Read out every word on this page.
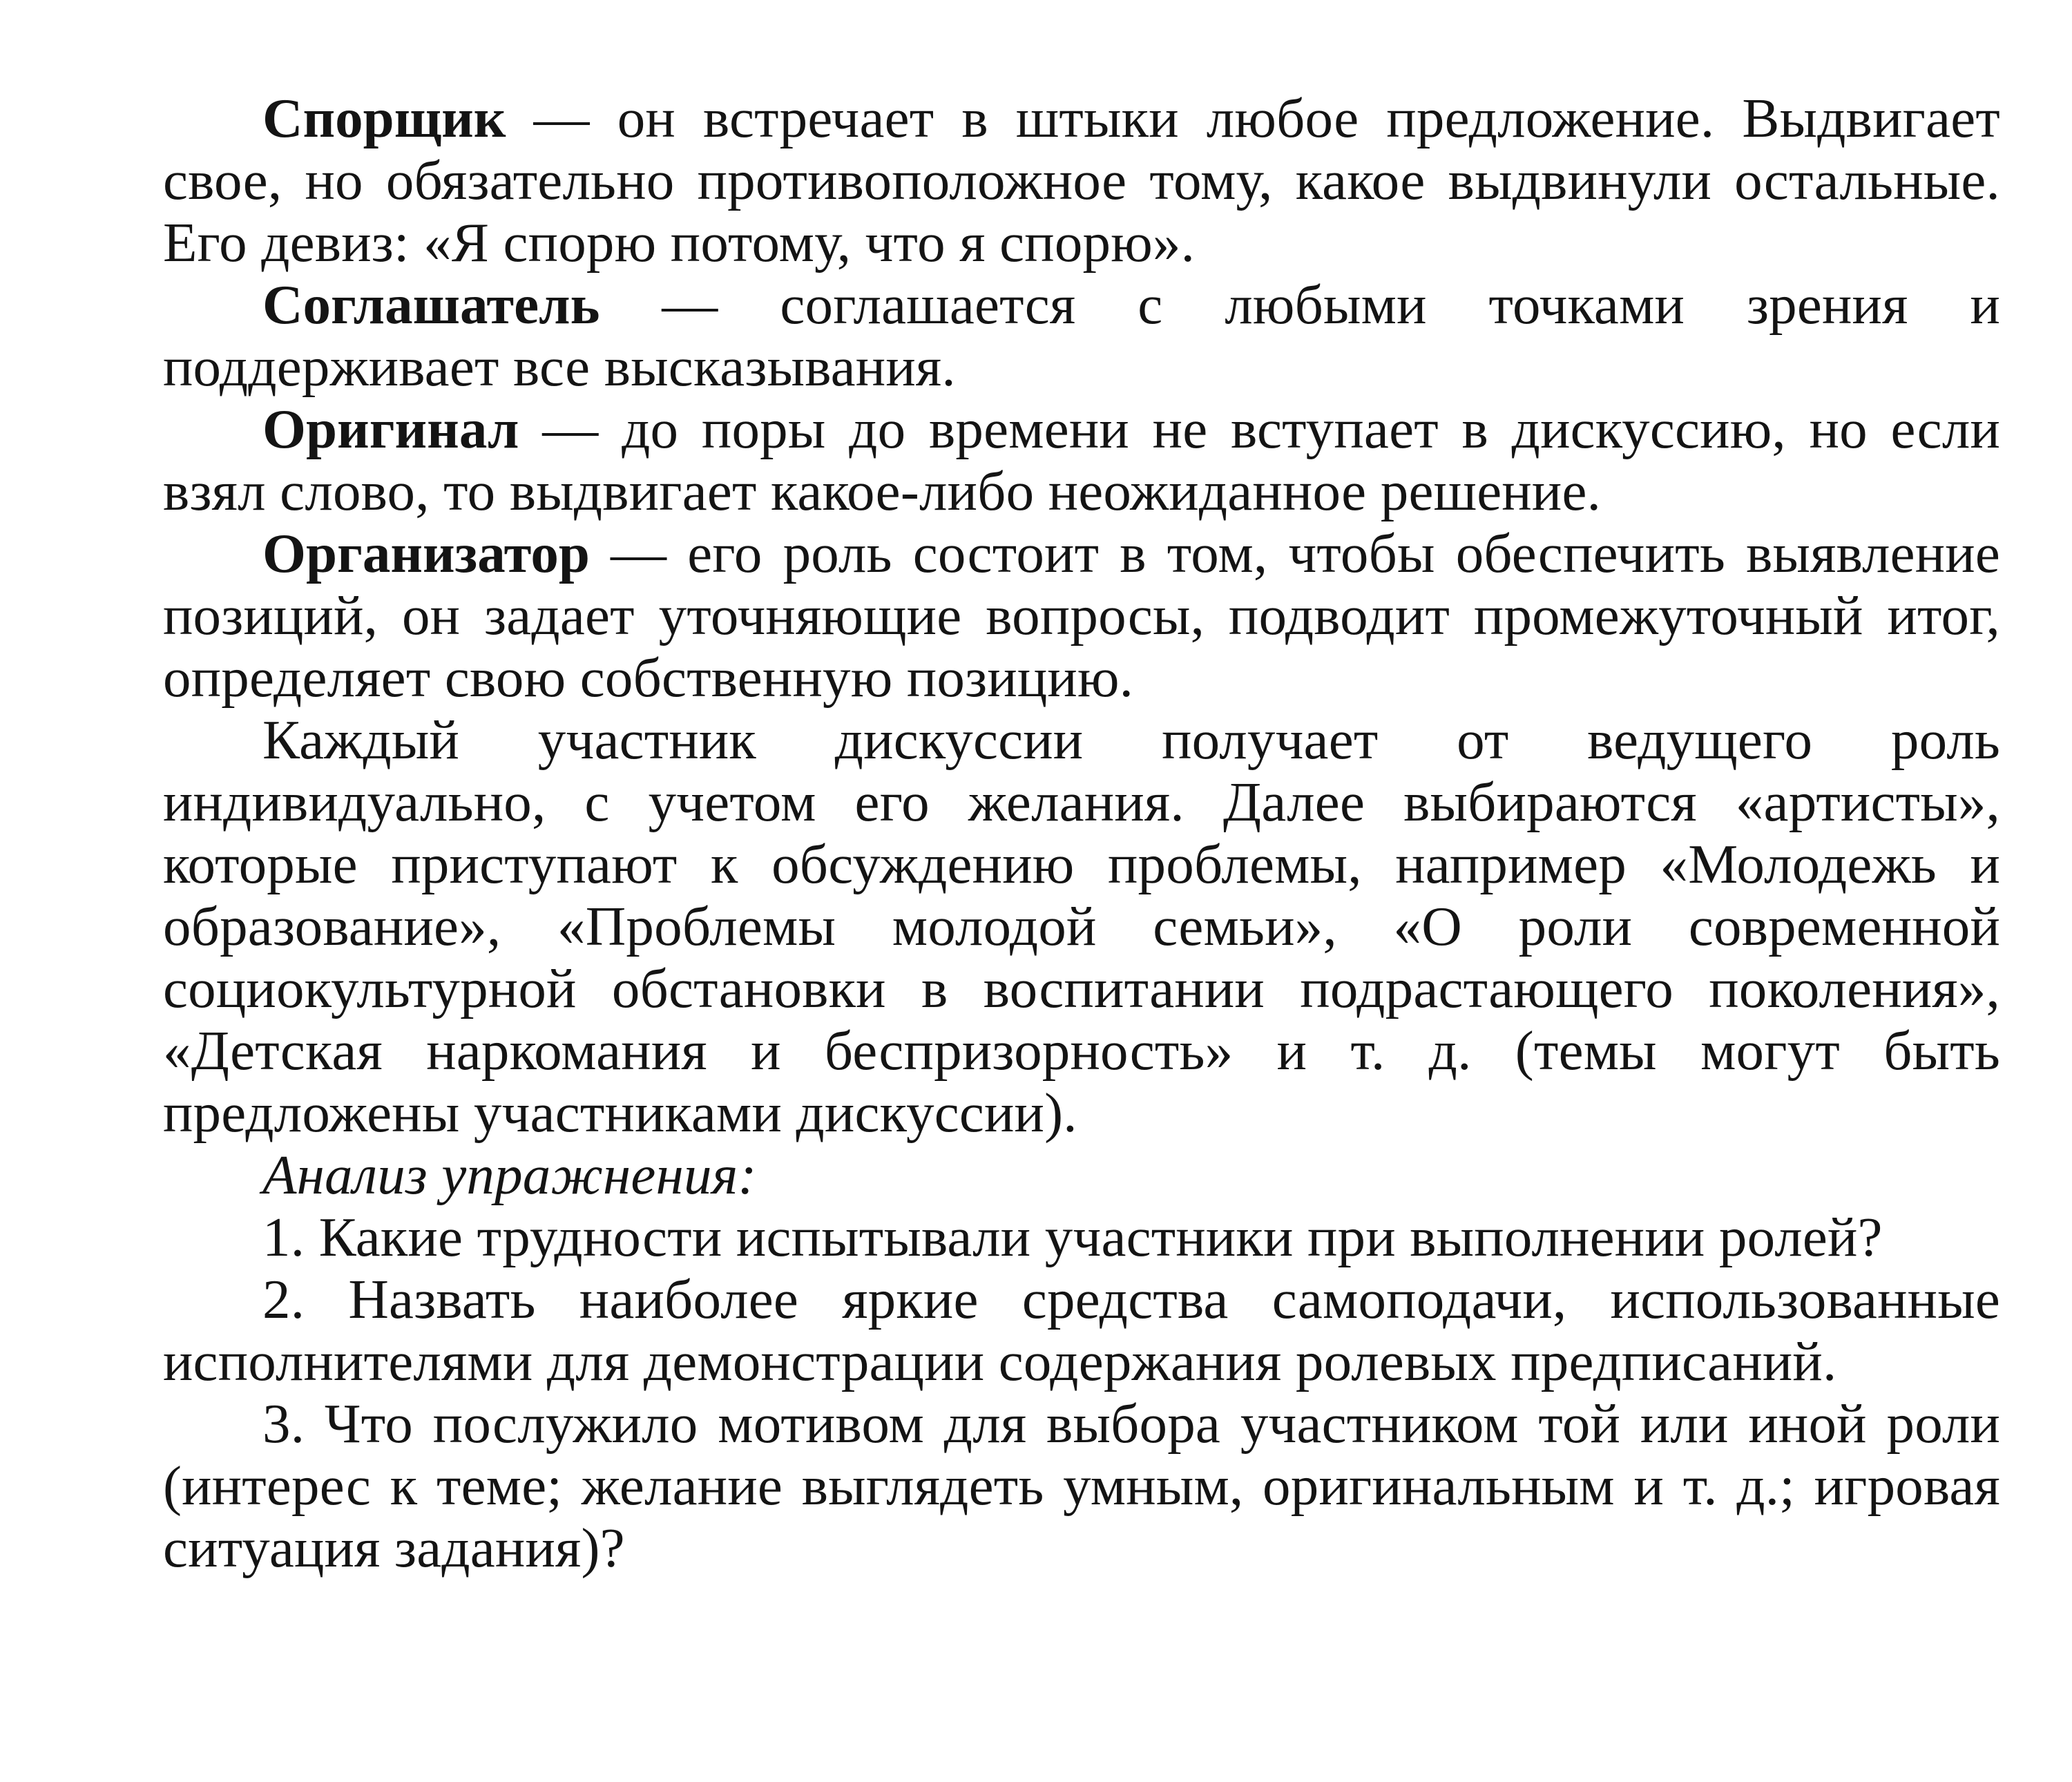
Спорщик — он встречает в штыки любое предложение. Выдвигает свое, но обязательно противоположное тому, какое выдвинули остальные. Его девиз: «Я спорю потому, что я спорю».

Соглашатель — соглашается с любыми точками зрения и поддерживает все высказывания.

Оригинал — до поры до времени не вступает в дискуссию, но если взял слово, то выдвигает какое-либо неожиданное решение.

Организатор — его роль состоит в том, чтобы обеспечить выявление позиций, он задает уточняющие вопросы, подводит промежуточный итог, определяет свою собственную позицию.

Каждый участник дискуссии получает от ведущего роль индивидуально, с учетом его желания. Далее выбираются «артисты», которые приступают к обсуждению проблемы, например «Молодежь и образование», «Проблемы молодой семьи», «О роли современной социокультурной обстановки в воспитании подрастающего поколения», «Детская наркомания и беспризорность» и т. д. (темы могут быть предложены участниками дискуссии).

Анализ упражнения:

1. Какие трудности испытывали участники при выполнении ролей?

2. Назвать наиболее яркие средства самоподачи, использованные исполнителями для демонстрации содержания ролевых предписаний.

3. Что послужило мотивом для выбора участником той или иной роли (интерес к теме; желание выглядеть умным, оригинальным и т. д.; игровая ситуация задания)?
